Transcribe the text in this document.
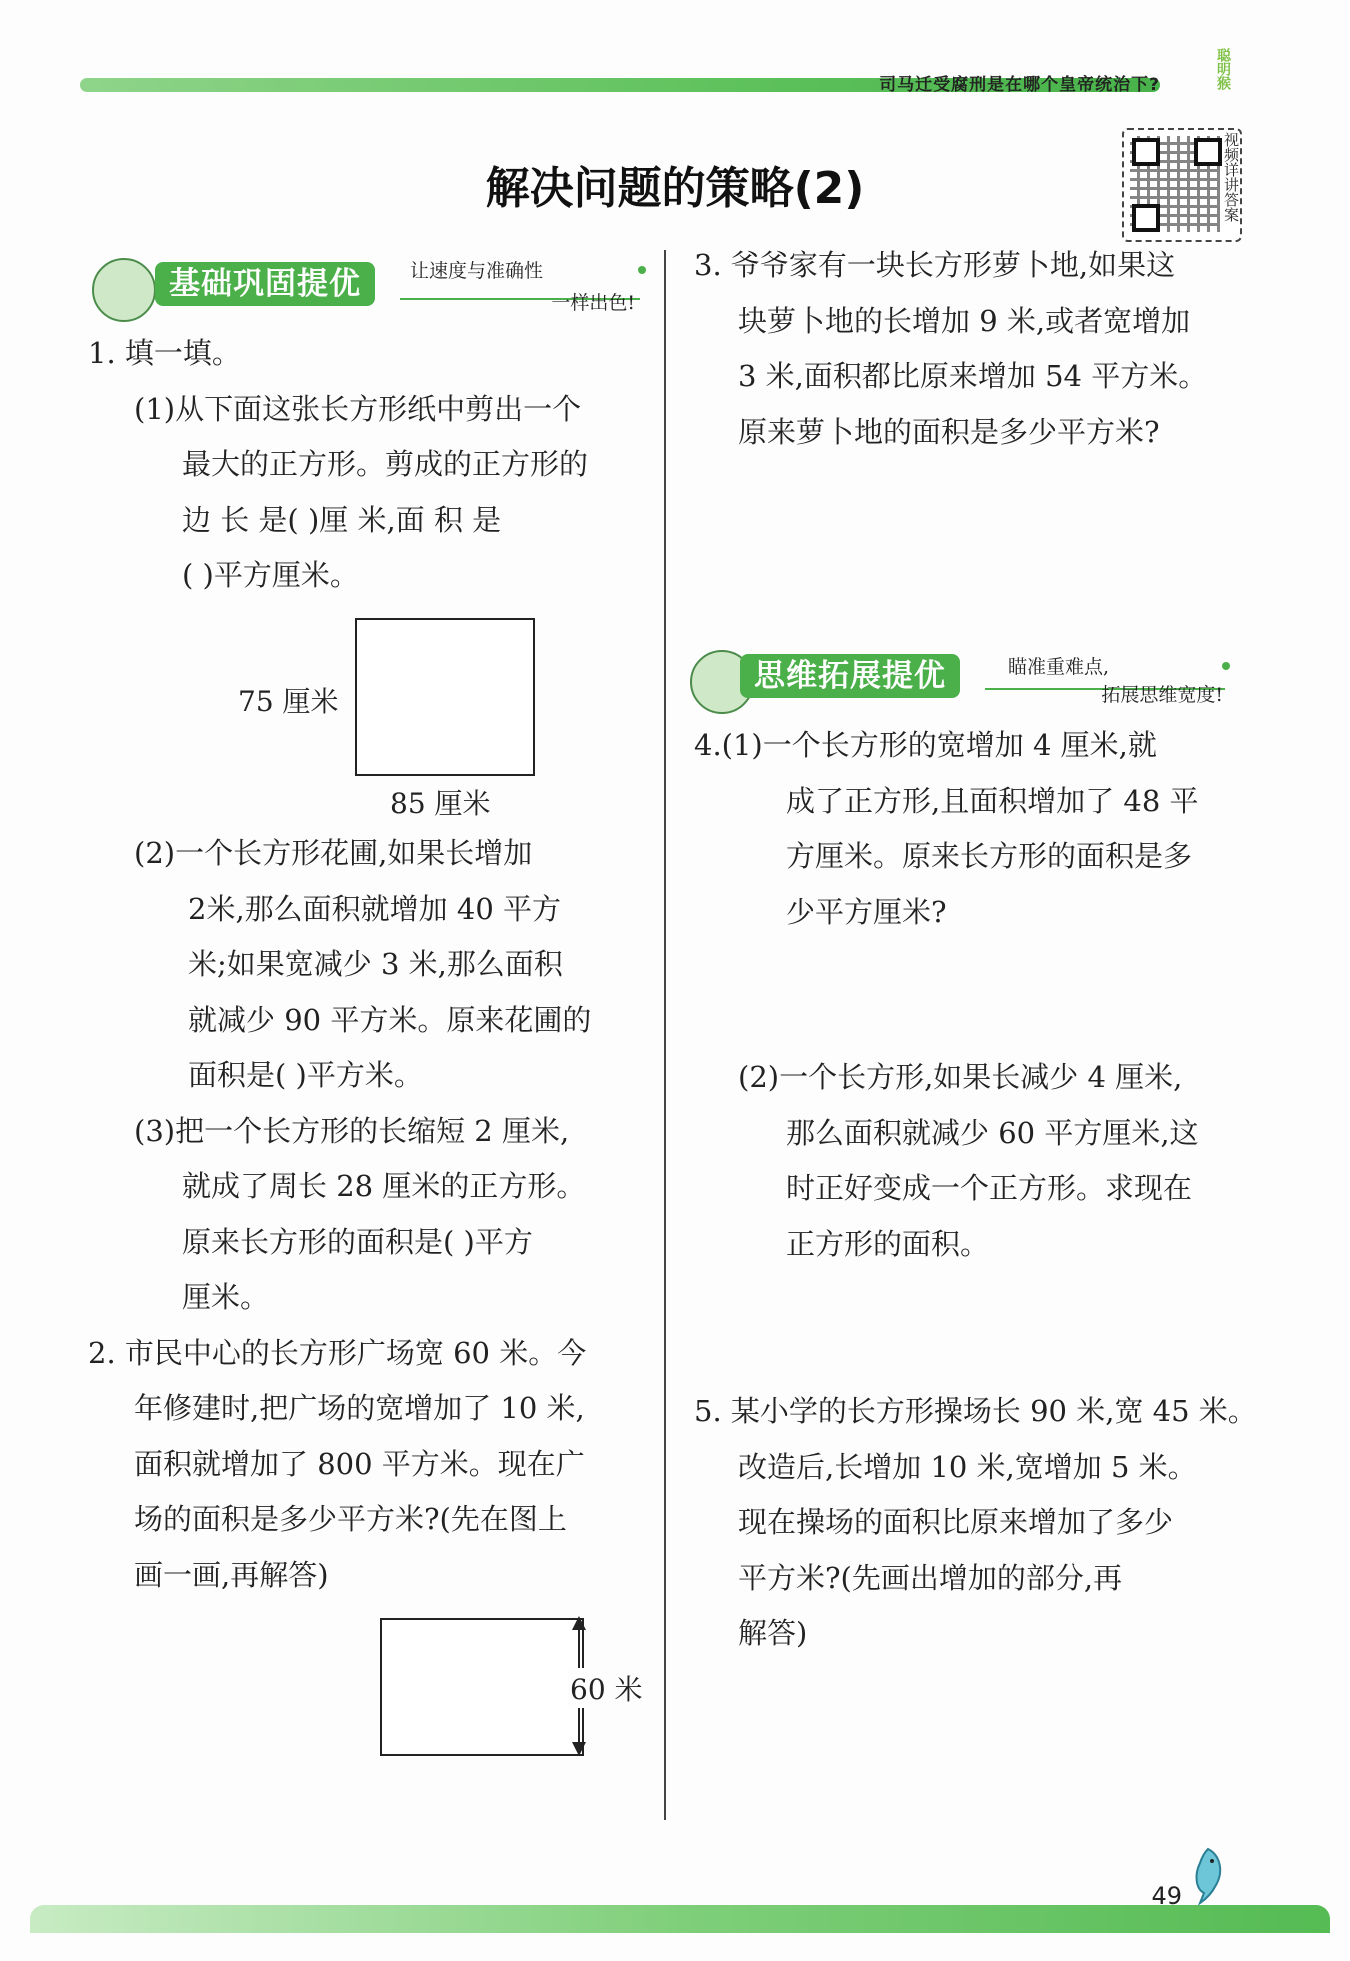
司马迁受腐刑是在哪个皇帝统治下?	聪明猴
解决问题的策略(2)	视频详讲答案
基础巩固提优	让速度与准确性
一样出色!
1. 填一填。
(1)从下面这张长方形纸中剪出一个
最大的正方形。剪成的正方形的
边 长 是( )厘 米,面 积 是
( )平方厘米。
75 厘米
85 厘米
(2)一个长方形花圃,如果长增加
2米,那么面积就增加 40 平方
米;如果宽减少 3 米,那么面积
就减少 90 平方米。原来花圃的
面积是( )平方米。
(3)把一个长方形的长缩短 2 厘米,
就成了周长 28 厘米的正方形。
原来长方形的面积是( )平方
厘米。
2. 市民中心的长方形广场宽 60 米。今
年修建时,把广场的宽增加了 10 米,
面积就增加了 800 平方米。现在广
场的面积是多少平方米?(先在图上
画一画,再解答)
60 米
3. 爷爷家有一块长方形萝卜地,如果这
块萝卜地的长增加 9 米,或者宽增加
3 米,面积都比原来增加 54 平方米。
原来萝卜地的面积是多少平方米?
思维拓展提优	瞄准重难点,
拓展思维宽度!
4.(1)一个长方形的宽增加 4 厘米,就
成了正方形,且面积增加了 48 平
方厘米。原来长方形的面积是多
少平方厘米?
(2)一个长方形,如果长减少 4 厘米,
那么面积就减少 60 平方厘米,这
时正好变成一个正方形。求现在
正方形的面积。
5. 某小学的长方形操场长 90 米,宽 45 米。
改造后,长增加 10 米,宽增加 5 米。
现在操场的面积比原来增加了多少
平方米?(先画出增加的部分,再
解答)
49
